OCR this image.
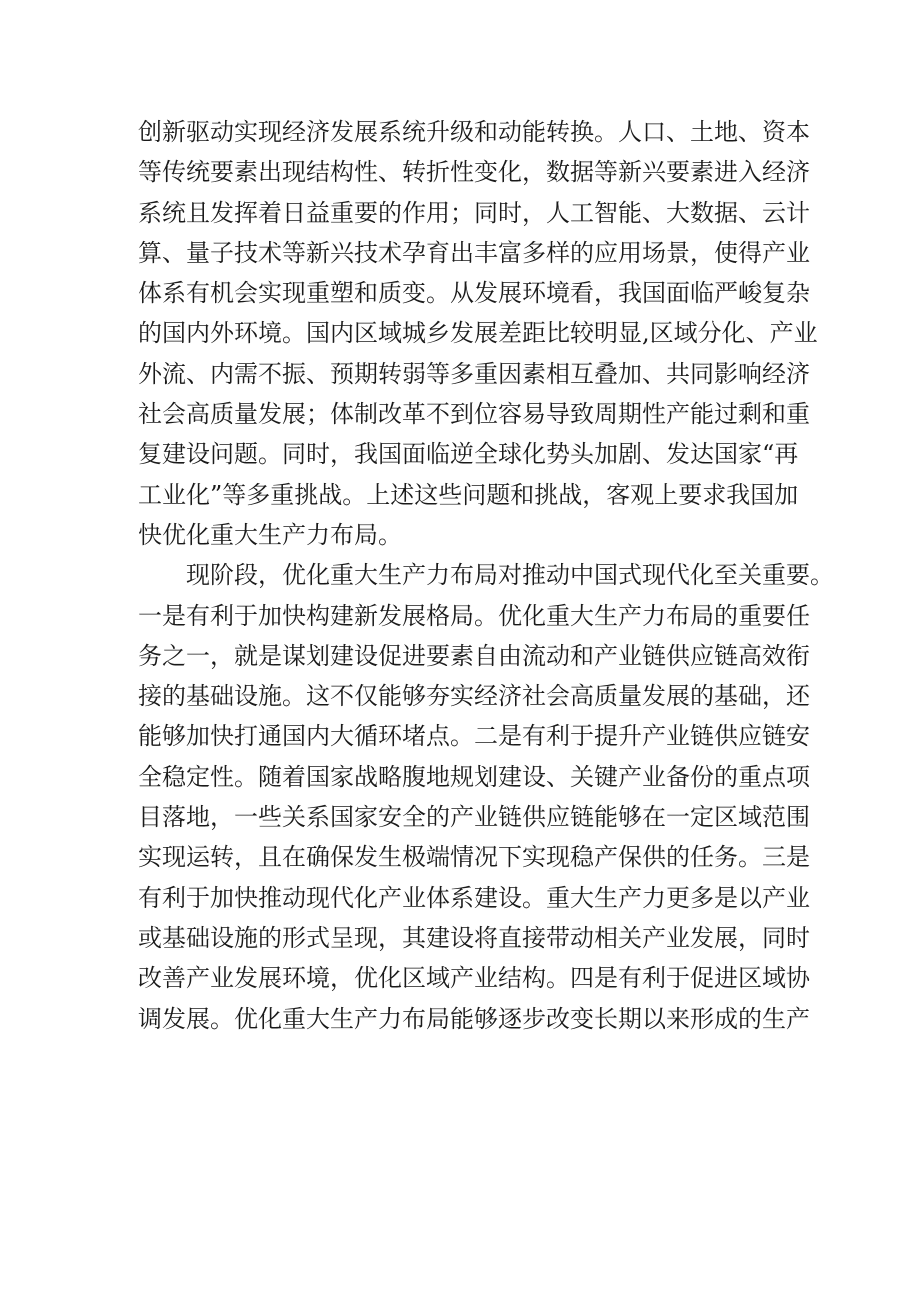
创新驱动实现经济发展系统升级和动能转换。人口、土地、资本
等传统要素出现结构性、转折性变化，数据等新兴要素进入经济
系统且发挥着日益重要的作用；同时，人工智能、大数据、云计
算、量子技术等新兴技术孕育出丰富多样的应用场景，使得产业
体系有机会实现重塑和质变。从发展环境看，我国面临严峻复杂
的国内外环境。国内区域城乡发展差距比较明显,区域分化、产业
外流、内需不振、预期转弱等多重因素相互叠加、共同影响经济
社会高质量发展；体制改革不到位容易导致周期性产能过剩和重
复建设问题。同时，我国面临逆全球化势头加剧、发达国家“再
工业化”等多重挑战。上述这些问题和挑战，客观上要求我国加
快优化重大生产力布局。
现阶段，优化重大生产力布局对推动中国式现代化至关重要。
一是有利于加快构建新发展格局。优化重大生产力布局的重要任
务之一，就是谋划建设促进要素自由流动和产业链供应链高效衔
接的基础设施。这不仅能够夯实经济社会高质量发展的基础，还
能够加快打通国内大循环堵点。二是有利于提升产业链供应链安
全稳定性。随着国家战略腹地规划建设、关键产业备份的重点项
目落地，一些关系国家安全的产业链供应链能够在一定区域范围
实现运转，且在确保发生极端情况下实现稳产保供的任务。三是
有利于加快推动现代化产业体系建设。重大生产力更多是以产业
或基础设施的形式呈现，其建设将直接带动相关产业发展，同时
改善产业发展环境，优化区域产业结构。四是有利于促进区域协
调发展。优化重大生产力布局能够逐步改变长期以来形成的生产
